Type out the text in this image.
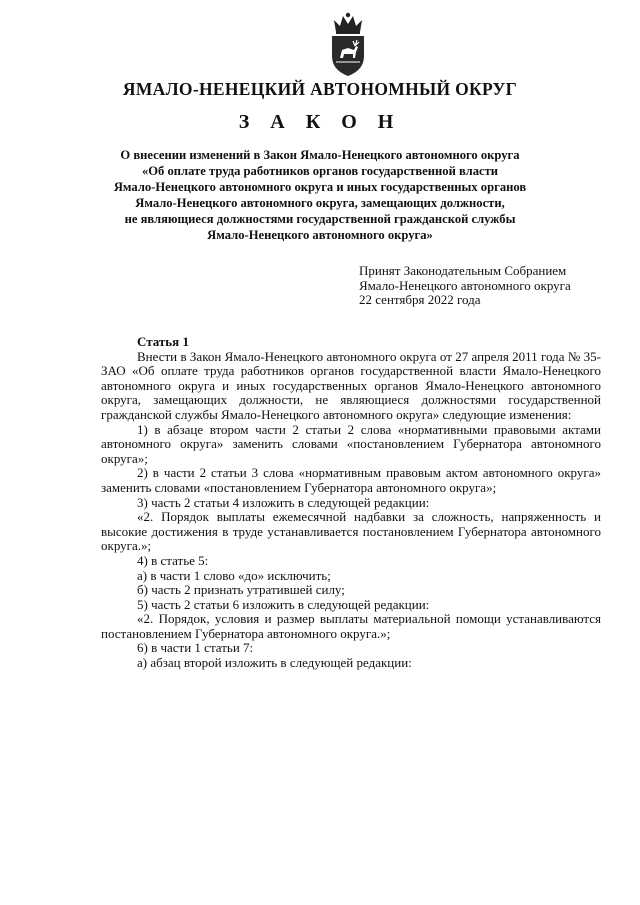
ЯМАЛО-НЕНЕЦКИЙ АВТОНОМНЫЙ ОКРУГ
З А К О Н
О внесении изменений в Закон Ямало-Ненецкого автономного округа
«Об оплате труда работников органов государственной власти
Ямало-Ненецкого автономного округа и иных государственных органов
Ямало-Ненецкого автономного округа, замещающих должности,
не являющиеся должностями государственной гражданской службы
Ямало-Ненецкого автономного округа»
Принят Законодательным Собранием
Ямало-Ненецкого автономного округа
22 сентября 2022 года
Статья 1

Внести в Закон Ямало-Ненецкого автономного округа от 27 апреля 2011 года № 35-ЗАО «Об оплате труда работников органов государственной власти Ямало-Ненецкого автономного округа и иных государственных органов Ямало-Ненецкого автономного округа, замещающих должности, не являющиеся должностями государственной гражданской службы Ямало-Ненецкого автономного округа» следующие изменения:

1) в абзаце втором части 2 статьи 2 слова «нормативными правовыми актами автономного округа» заменить словами «постановлением Губернатора автономного округа»;

2) в части 2 статьи 3 слова «нормативным правовым актом автономного округа» заменить словами «постановлением Губернатора автономного округа»;

3) часть 2 статьи 4 изложить в следующей редакции:

«2. Порядок выплаты ежемесячной надбавки за сложность, напряженность и высокие достижения в труде устанавливается постановлением Губернатора автономного округа.»;

4) в статье 5:

а) в части 1 слово «до» исключить;

б) часть 2 признать утратившей силу;

5) часть 2 статьи 6 изложить в следующей редакции:

«2. Порядок, условия и размер выплаты материальной помощи устанавливаются постановлением Губернатора автономного округа.»;

6) в части 1 статьи 7:

а) абзац второй изложить в следующей редакции:
